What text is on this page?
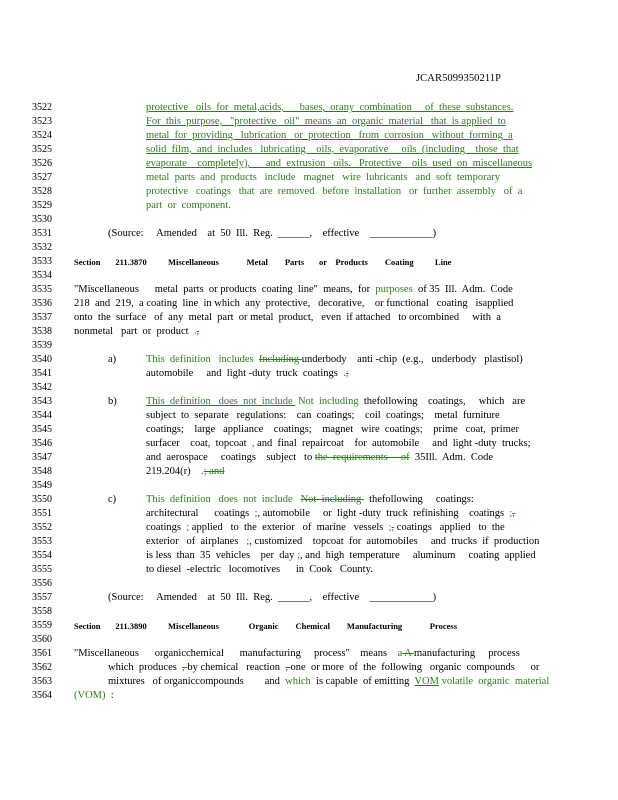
JCAR5099350211P
3522	protective   oils  for  metal,acids,      bases,  orany  combination     of  these  substances.
3523	For  this  purpose,   "protective   oil"  means  an  organic  material   that  is applied  to
3524	metal  for  providing   lubrication   or  protection   from  corrosion   without  forming  a
3525	solid  film,  and  includes   lubricating    oils,  evaporative     oils  (including    those  that
3526	evaporate    completely),      and  extrusion   oils.   Protective    oils  used  on  miscellaneous
3527	metal  parts  and  products   include   magnet   wire  lubricants   and  soft  temporary
3528	protective   coatings   that  are  removed   before  installation   or  further  assembly   of  a
3529	part  or  component.
3530
3531	(Source:     Amended    at  50  Ill.  Reg.  ______,    effective    ____________)
3532
3533	Section       211.3870          Miscellaneous             Metal        Parts       or    Products        Coating          Line
3534
3535	"Miscellaneous      metal  parts  or products  coating  line"  means,  for  purposes  of 35  Ill.  Adm.  Code
3536	218  and  219,  a coating  line  in which  any  protective,   decorative,    or functional   coating   isapplied
3537	onto  the  surface   of  any  metal  part  or metal  product,   even  if attached   to orcombined     with  a
3538	nonmetal   part  or  product  .,
3539
3540	a)	This  definition   includes  Including underbody    anti -chip  (e.g.,   underbody   plastisol)
3541	automobile     and  light -duty  truck  coatings  .;
3542
3543	b)	This  definition   does  not  include  Not  including  thefollowing    coatings,     which   are
3544	subject  to  separate   regulations:    can  coatings;    coil  coatings;    metal  furniture
3545	coatings;    large   appliance    coatings;    magnet   wire  coatings;    prime   coat,  primer
3546	surfacer    coat,  topcoat  , and  final  repaircoat    for  automobile     and  light -duty  trucks;
3547	and  aerospace     coatings    subject   to the  requirements     of  35Ill.  Adm.  Code
3548	219.204(r)    .; and
3549
3550	c)	This  definition   does  not  include   Not  including   thefollowing     coatings:
3551	architectural      coatings  ;, automobile     or  light -duty  truck  refinishing    coatings  ;,
3552	coatings  ; applied   to  the  exterior   of  marine   vessels  ;, coatings   applied   to  the
3553	exterior   of  airplanes   ;, customized    topcoat  for  automobiles     and  trucks  if  production
3554	is less  than  35  vehicles    per  day ;, and  high  temperature     aluminum     coating  applied
3555	to diesel  -electric   locomotives      in  Cook   County.
3556
3557	(Source:     Amended    at  50  Ill.  Reg.  ______,    effective    ____________)
3558
3559	Section       211.3890          Miscellaneous              Organic        Chemical        Manufacturing             Process
3560
3561	"Miscellaneous      organicchemical      manufacturing     process"    means    a A manufacturing     process
3562	which  produces  , by chemical   reaction  , one  or more  of  the  following   organic  compounds      or
3563	mixtures   of organiccompounds        and  which  is capable  of emitting  VOM volatile  organic  material
3564	(VOM)  :
